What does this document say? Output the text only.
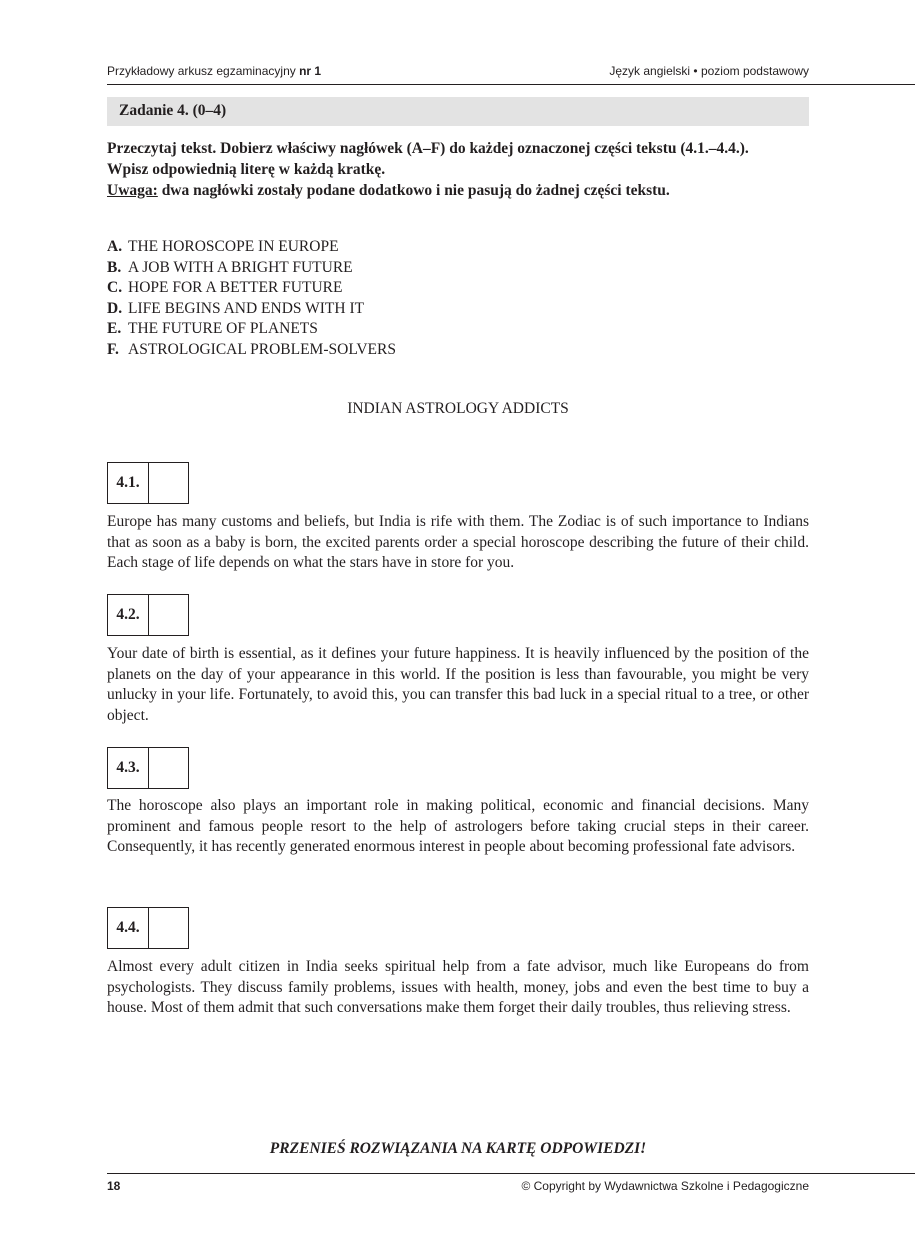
Przykładowy arkusz egzaminacyjny nr 1	Język angielski • poziom podstawowy
Zadanie 4. (0–4)
Przeczytaj tekst. Dobierz właściwy nagłówek (A–F) do każdej oznaczonej części tekstu (4.1.–4.4.).
Wpisz odpowiednią literę w każdą kratkę.
Uwaga: dwa nagłówki zostały podane dodatkowo i nie pasują do żadnej części tekstu.
A. THE HOROSCOPE IN EUROPE
B. A JOB WITH A BRIGHT FUTURE
C. HOPE FOR A BETTER FUTURE
D. LIFE BEGINS AND ENDS WITH IT
E. THE FUTURE OF PLANETS
F. ASTROLOGICAL PROBLEM-SOLVERS
INDIAN ASTROLOGY ADDICTS
4.1.

Europe has many customs and beliefs, but India is rife with them. The Zodiac is of such importance to Indians that as soon as a baby is born, the excited parents order a special horoscope describing the future of their child. Each stage of life depends on what the stars have in store for you.

4.2.

Your date of birth is essential, as it defines your future happiness. It is heavily influenced by the position of the planets on the day of your appearance in this world. If the position is less than favourable, you might be very unlucky in your life. Fortunately, to avoid this, you can transfer this bad luck in a special ritual to a tree, or other object.

4.3.

The horoscope also plays an important role in making political, economic and financial decisions. Many prominent and famous people resort to the help of astrologers before taking crucial steps in their career. Consequently, it has recently generated enormous interest in people about becoming professional fate advisors.

4.4.

Almost every adult citizen in India seeks spiritual help from a fate advisor, much like Europeans do from psychologists. They discuss family problems, issues with health, money, jobs and even the best time to buy a house. Most of them admit that such conversations make them forget their daily troubles, thus relieving stress.

PRZENIEŚ ROZWIĄZANIA NA KARTĘ ODPOWIEDZI!
18	© Copyright by Wydawnictwa Szkolne i Pedagogiczne
